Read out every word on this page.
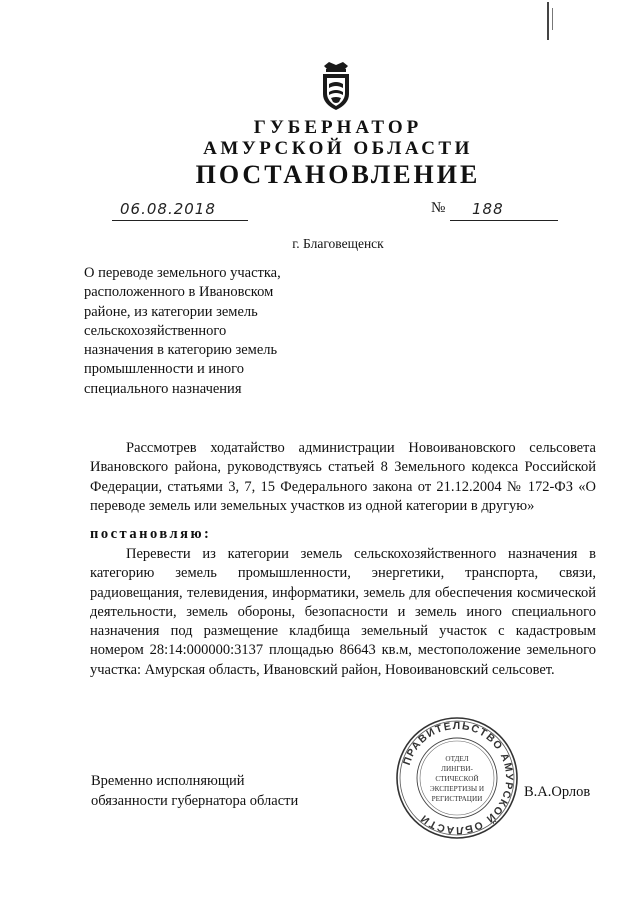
ГУБЕРНАТОР
АМУРСКОЙ ОБЛАСТИ
ПОСТАНОВЛЕНИЕ
06.08.2018	№ 188
г. Благовещенск
О переводе земельного участка,
расположенного в Ивановском
районе, из категории земель
сельскохозяйственного
назначения в категорию земель
промышленности и иного
специального назначения
Рассмотрев ходатайство администрации Новоивановского сельсовета Ивановского района, руководствуясь статьей 8 Земельного кодекса Российской Федерации, статьями 3, 7, 15 Федерального закона от 21.12.2004 № 172-ФЗ «О переводе земель или земельных участков из одной категории в другую»
постановляю:
Перевести из категории земель сельскохозяйственного назначения в категорию земель промышленности, энергетики, транспорта, связи, радиовещания, телевидения, информатики, земель для обеспечения космической деятельности, земель обороны, безопасности и земель иного специального назначения под размещение кладбища земельный участок с кадастровым номером 28:14:000000:3137 площадью 86643 кв.м, местоположение земельного участка: Амурская область, Ивановский район, Новоивановский сельсовет.
Временно исполняющий
обязанности губернатора области
ПРАВИТЕЛЬСТВО АМУРСКОЙ ОБЛАСТИ
ОТДЕЛ
ЛИНГВИ-
СТИЧЕСКОЙ
ЭКСПЕРТИЗЫ И
РЕГИСТРАЦИИ	В.А.Орлов
